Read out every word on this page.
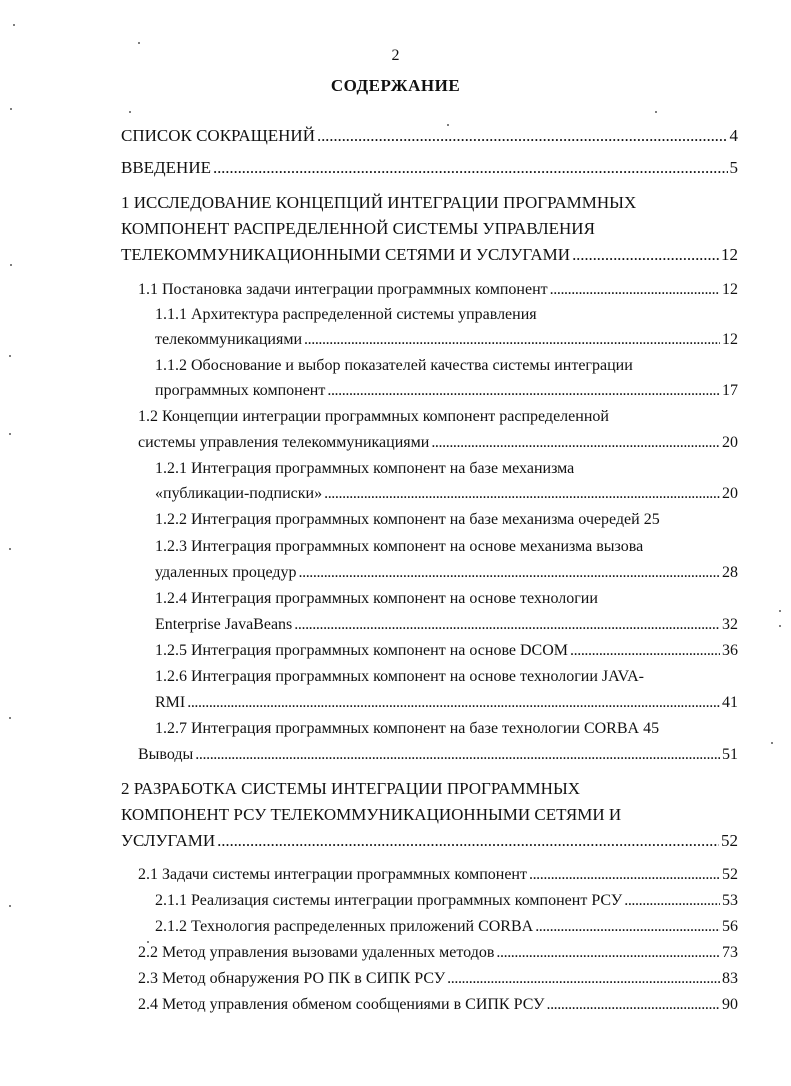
2
СОДЕРЖАНИЕ
СПИСОК СОКРАЩЕНИЙ . . .	4
ВВЕДЕНИЕ . . .	5
1 ИССЛЕДОВАНИЕ КОНЦЕПЦИЙ ИНТЕГРАЦИИ ПРОГРАММНЫХ
КОМПОНЕНТ РАСПРЕДЕЛЕННОЙ СИСТЕМЫ УПРАВЛЕНИЯ
ТЕЛЕКОММУНИКАЦИОННЫМИ СЕТЯМИ И УСЛУГАМИ . . .	12
1.1 Постановка задачи интеграции программных компонент . . .	12
1.1.1 Архитектура распределенной системы управления
телекоммуникациями . . .	12
1.1.2 Обоснование и выбор показателей качества системы интеграции
программных компонент . . .	17
1.2 Концепции интеграции программных компонент распределенной
системы управления телекоммуникациями . . .	20
1.2.1 Интеграция программных компонент на базе механизма
«публикации-подписки» . . .	20
1.2.2 Интеграция программных компонент на базе механизма очередей 25
1.2.3 Интеграция программных компонент на основе механизма вызова
удаленных процедур . . .	28
1.2.4 Интеграция программных компонент на основе технологии
Enterprise JavaBeans . . .	32
1.2.5 Интеграция программных компонент на основе DCOM . . .	36
1.2.6 Интеграция программных компонент на основе технологии JAVA-
RMI . . .	41
1.2.7 Интеграция программных компонент на базе технологии CORBA 45
Выводы . . .	51
2 РАЗРАБОТКА СИСТЕМЫ ИНТЕГРАЦИИ ПРОГРАММНЫХ
КОМПОНЕНТ РСУ ТЕЛЕКОММУНИКАЦИОННЫМИ СЕТЯМИ И
УСЛУГАМИ . . .	52
2.1 Задачи системы интеграции программных компонент . . .	52
2.1.1 Реализация системы интеграции программных компонент РСУ . . .	53
2.1.2 Технология распределенных приложений CORBA . . .	56
2.2 Метод управления вызовами удаленных методов . . .	73
2.3 Метод обнаружения РО ПК в СИПК РСУ . . .	83
2.4 Метод управления обменом сообщениями в СИПК РСУ . . .	90
